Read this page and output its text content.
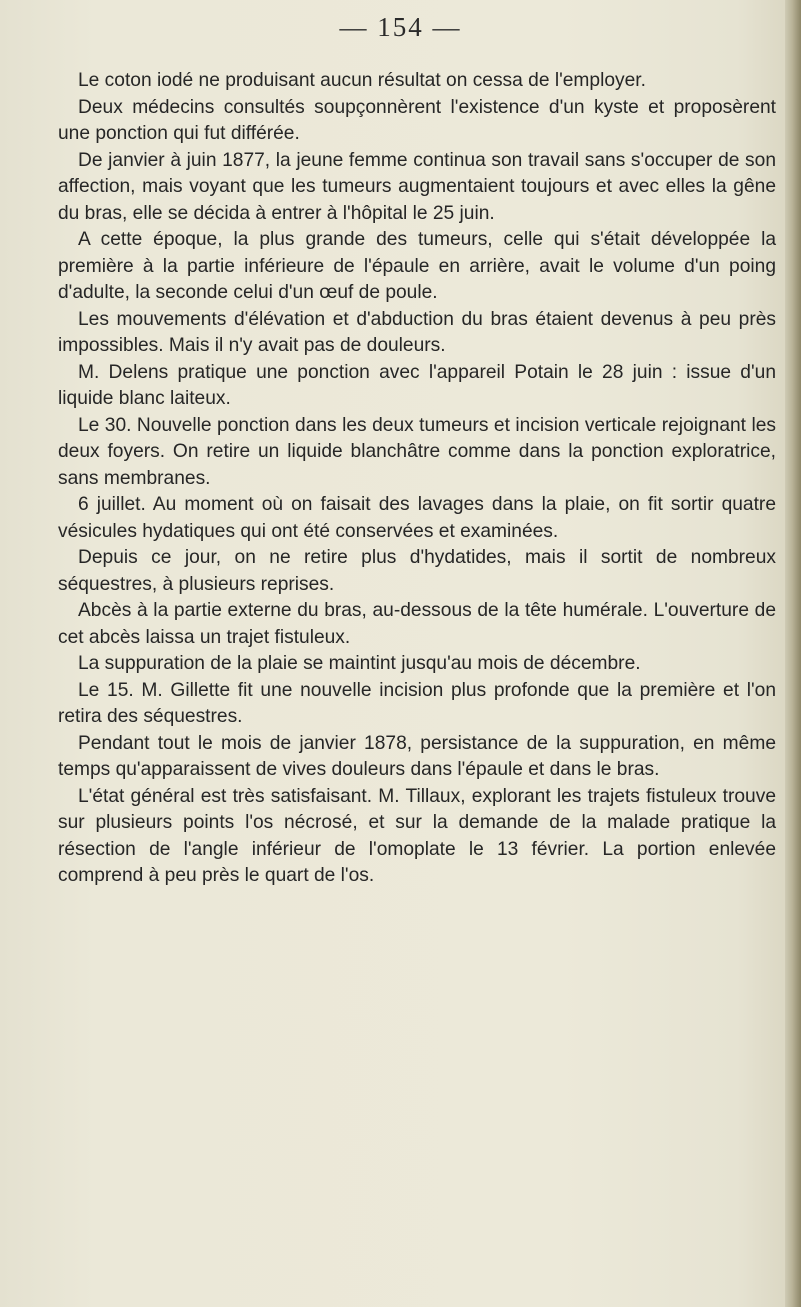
— 154 —

Le coton iodé ne produisant aucun résultat on cessa de l'employer.

Deux médecins consultés soupçonnèrent l'existence d'un kyste et proposèrent une ponction qui fut différée.

De janvier à juin 1877, la jeune femme continua son travail sans s'occuper de son affection, mais voyant que les tumeurs augmentaient toujours et avec elles la gêne du bras, elle se décida à entrer à l'hôpital le 25 juin.

A cette époque, la plus grande des tumeurs, celle qui s'était développée la première à la partie inférieure de l'épaule en arrière, avait le volume d'un poing d'adulte, la seconde celui d'un œuf de poule.

Les mouvements d'élévation et d'abduction du bras étaient devenus à peu près impossibles. Mais il n'y avait pas de douleurs.

M. Delens pratique une ponction avec l'appareil Potain le 28 juin : issue d'un liquide blanc laiteux.

Le 30. Nouvelle ponction dans les deux tumeurs et incision verticale rejoignant les deux foyers. On retire un liquide blanchâtre comme dans la ponction exploratrice, sans membranes.

6 juillet. Au moment où on faisait des lavages dans la plaie, on fit sortir quatre vésicules hydatiques qui ont été conservées et examinées.

Depuis ce jour, on ne retire plus d'hydatides, mais il sortit de nombreux séquestres, à plusieurs reprises.

Abcès à la partie externe du bras, au-dessous de la tête humérale. L'ouverture de cet abcès laissa un trajet fistuleux.

La suppuration de la plaie se maintint jusqu'au mois de décembre.

Le 15. M. Gillette fit une nouvelle incision plus profonde que la première et l'on retira des séquestres.

Pendant tout le mois de janvier 1878, persistance de la suppuration, en même temps qu'apparaissent de vives douleurs dans l'épaule et dans le bras.

L'état général est très satisfaisant. M. Tillaux, explorant les trajets fistuleux trouve sur plusieurs points l'os nécrosé, et sur la demande de la malade pratique la résection de l'angle inférieur de l'omoplate le 13 février. La portion enlevée comprend à peu près le quart de l'os.
